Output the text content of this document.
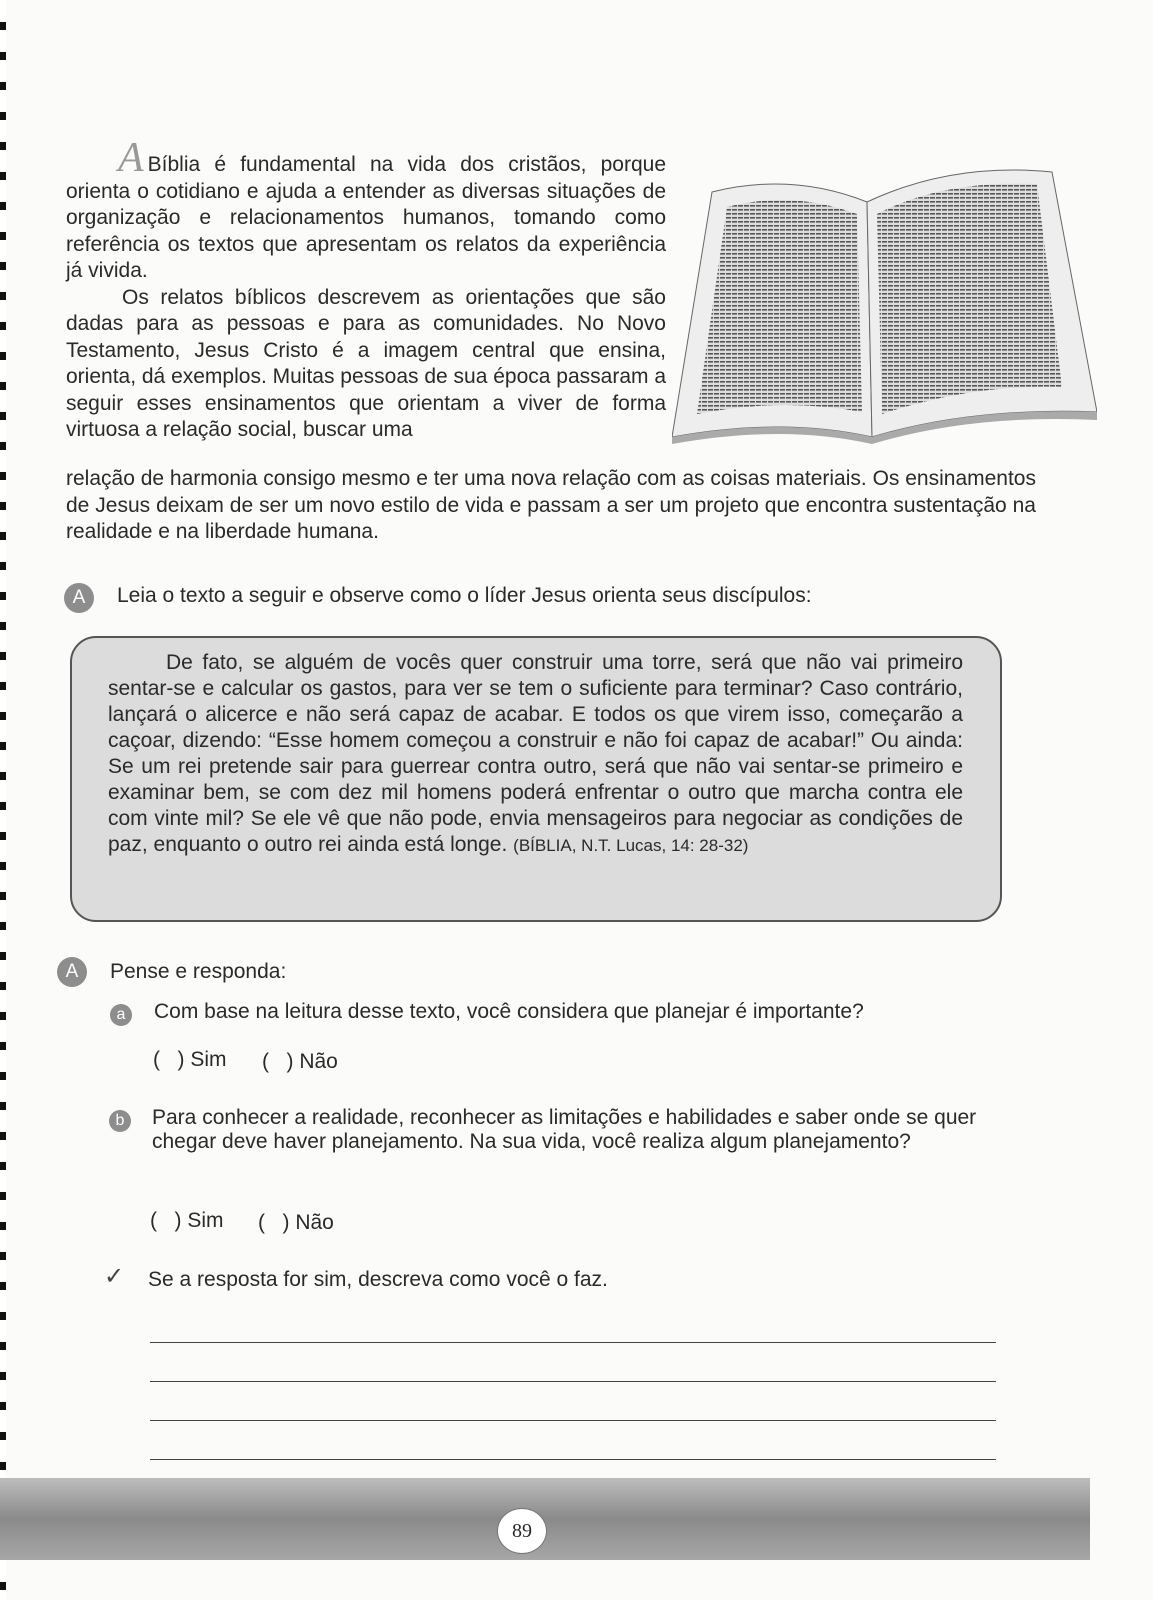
A Bíblia é fundamental na vida dos cristãos, porque orienta o cotidiano e ajuda a entender as diversas situações de organização e relacionamentos humanos, tomando como referência os textos que apresentam os relatos da experiência já vivida.

Os relatos bíblicos descrevem as orientações que são dadas para as pessoas e para as comunidades. No Novo Testamento, Jesus Cristo é a imagem central que ensina, orienta, dá exemplos. Muitas pessoas de sua época passaram a seguir esses ensinamentos que orientam a viver de forma virtuosa a relação social, buscar uma

relação de harmonia consigo mesmo e ter uma nova relação com as coisas materiais. Os ensinamentos de Jesus deixam de ser um novo estilo de vida e passam a ser um projeto que encontra sustentação na realidade e na liberdade humana.

A	Leia o texto a seguir e observe como o líder Jesus orienta seus discípulos:

De fato, se alguém de vocês quer construir uma torre, será que não vai primeiro sentar-se e calcular os gastos, para ver se tem o suficiente para terminar? Caso contrário, lançará o alicerce e não será capaz de acabar. E todos os que virem isso, começarão a caçoar, dizendo: “Esse homem começou a construir e não foi capaz de acabar!” Ou ainda: Se um rei pretende sair para guerrear contra outro, será que não vai sentar-se primeiro e examinar bem, se com dez mil homens poderá enfrentar o outro que marcha contra ele com vinte mil? Se ele vê que não pode, envia mensageiros para negociar as condições de paz, enquanto o outro rei ainda está longe. (BÍBLIA, N.T. Lucas, 14: 28-32)

A	Pense e responda:

a	Com base na leitura desse texto, você considera que planejar é importante?

(   ) Sim (   ) Não
b	Para conhecer a realidade, reconhecer as limitações e habilidades e saber onde se quer chegar deve haver planejamento. Na sua vida, você realiza algum planejamento?

(   ) Sim (   ) Não
✓ Se a resposta for sim, descreva como você o faz.

89
